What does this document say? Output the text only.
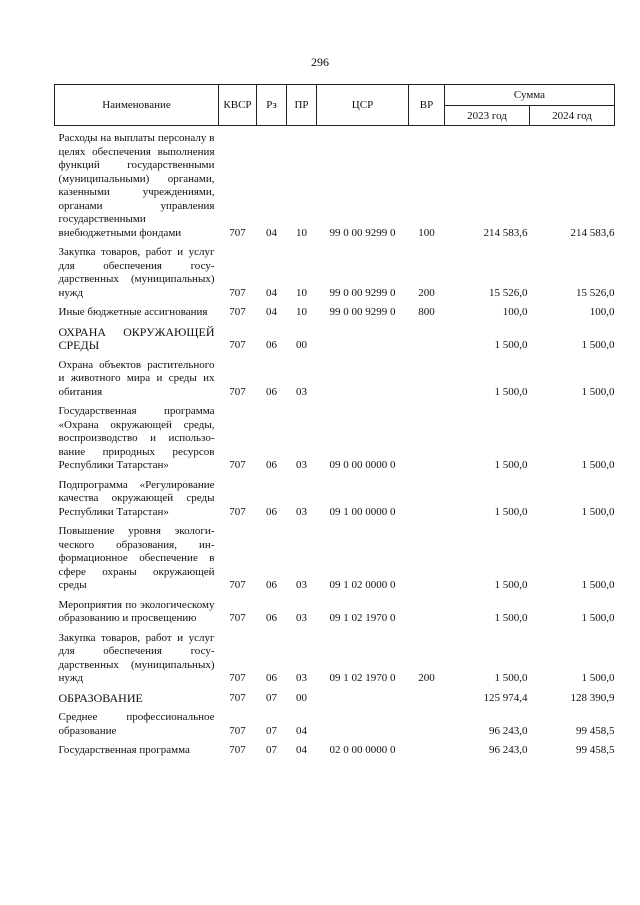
296
Наименование	КВСР	Рз	ПР	ЦСР	ВР	Сумма	
						2023 год	2024 год
Расходы на выплаты персоналу в целях обеспечения выполнения функций государственными (муниципальными) органами, казенными учреждениями, органами управления государственными внебюджетными фондами	707	04	10	99 0 00 9299 0	100	214 583,6	214 583,6
Закупка товаров, работ и услуг для обеспечения государственных (муниципальных) нужд	707	04	10	99 0 00 9299 0	200	15 526,0	15 526,0
Иные бюджетные ассигнования	707	04	10	99 0 00 9299 0	800	100,0	100,0
ОХРАНА ОКРУЖАЮЩЕЙ СРЕДЫ	707	06	00			1 500,0	1 500,0
Охрана объектов растительного и животного мира и среды их обитания	707	06	03			1 500,0	1 500,0
Государственная программа «Охрана окружающей среды, воспроизводство и использование природных ресурсов Республики Татарстан»	707	06	03	09 0 00 0000 0		1 500,0	1 500,0
Подпрограмма «Регулирование качества окружающей среды Республики Татарстан»	707	06	03	09 1 00 0000 0		1 500,0	1 500,0
Повышение уровня экологического образования, информационное обеспечение в сфере охраны окружающей среды	707	06	03	09 1 02 0000 0		1 500,0	1 500,0
Мероприятия по экологическому образованию и просвещению	707	06	03	09 1 02 1970 0		1 500,0	1 500,0
Закупка товаров, работ и услуг для обеспечения государственных (муниципальных) нужд	707	06	03	09 1 02 1970 0	200	1 500,0	1 500,0
ОБРАЗОВАНИЕ	707	07	00			125 974,4	128 390,9
Среднее профессиональное образование	707	07	04			96 243,0	99 458,5
Государственная программа	707	07	04	02 0 00 0000 0		96 243,0	99 458,5
